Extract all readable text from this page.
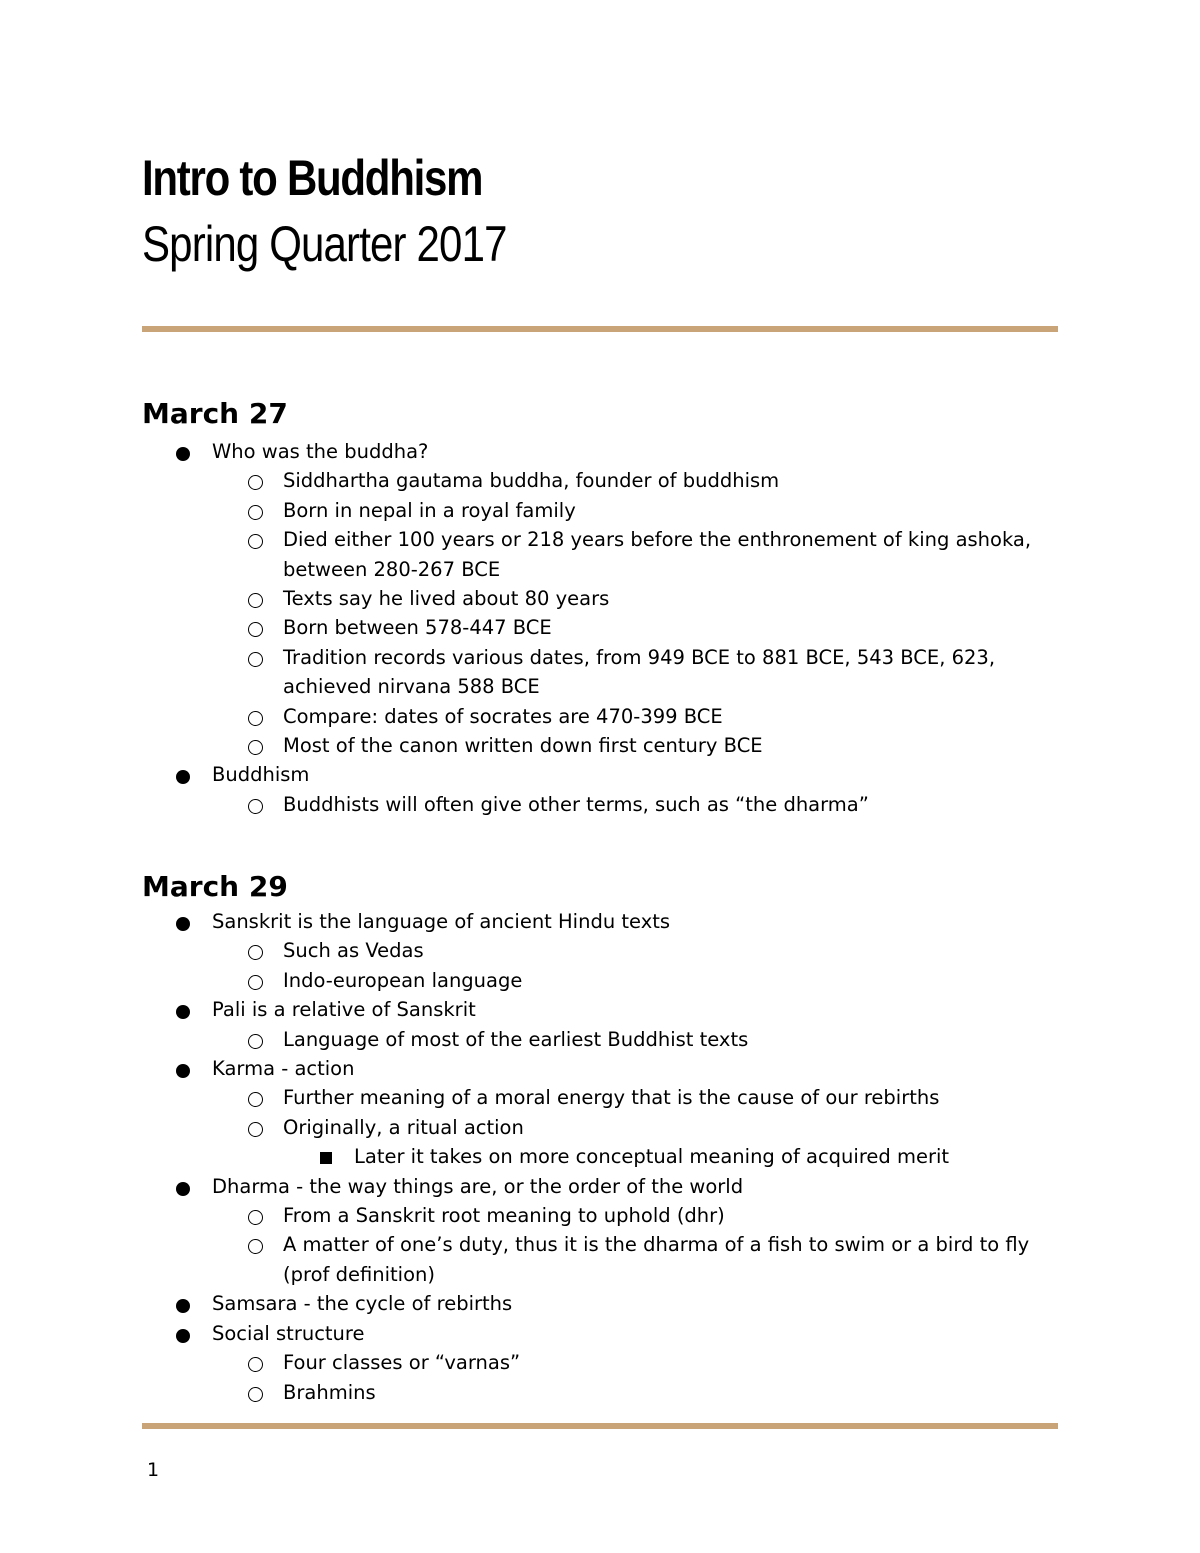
Intro to Buddhism
Spring Quarter 2017
March 27
Who was the buddha?
Siddhartha gautama buddha, founder of buddhism
Born in nepal in a royal family
Died either 100 years or 218 years before the enthronement of king ashoka, between 280-267 BCE
Texts say he lived about 80 years
Born between 578-447 BCE
Tradition records various dates, from 949 BCE to 881 BCE, 543 BCE, 623, achieved nirvana 588 BCE
Compare: dates of socrates are 470-399 BCE
Most of the canon written down first century BCE
Buddhism
Buddhists will often give other terms, such as “the dharma”
March 29
Sanskrit is the language of ancient Hindu texts
Such as Vedas
Indo-european language
Pali is a relative of Sanskrit
Language of most of the earliest Buddhist texts
Karma - action
Further meaning of a moral energy that is the cause of our rebirths
Originally, a ritual action
Later it takes on more conceptual meaning of acquired merit
Dharma - the way things are, or the order of the world
From a Sanskrit root meaning to uphold (dhr)
A matter of one’s duty, thus it is the dharma of a fish to swim or a bird to fly (prof definition)
Samsara - the cycle of rebirths
Social structure
Four classes or “varnas”
Brahmins
1
